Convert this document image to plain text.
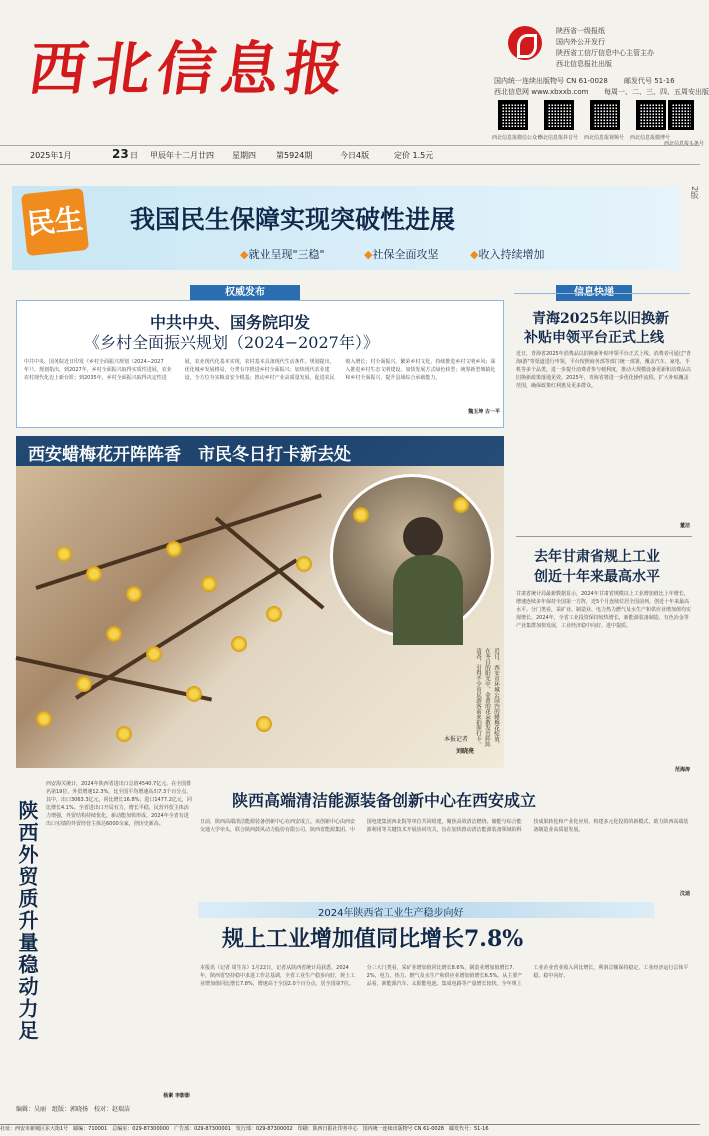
西北信息报
陕西省一级报纸
国内外公开发行
陕西省工信厅信息中心主管主办
西北信息报社出版
国内统一连续出版物号 CN 61-0028 邮发代号 51-16
西北信息网 www.xbxxb.com 每周一、二、三、四、五周安出版
西北信息报微信公众号
西北信息报抖音号 西北信息报视频号 西北信息报微博号
西北信息报头条号
2025年1月	23 日 甲辰年十二月廿四 星期四	第5924期	今日4版	定价 1.5元
民生 我国民生保障实现突破性进展
◆就业呈现"三稳"	◆社保全面攻坚	◆收入持续增加
2版
权威发布
中共中央、国务院印发
《乡村全面振兴规划（2024−2027年）》
中共中央、国务院近日印发《乡村全面振兴规划（2024−2027年）》。规划指出，到2027年，乡村全面振兴取得实质性进展，农业农村现代化迈上新台阶；到2035年，乡村全面振兴取得决定性进展，农业现代化基本实现，农村基本具备现代生活条件。规划提出，优化城乡发展格局，分类有序推进乡村全面振兴；加快现代农业建设，全方位夯实粮食安全根基；推动乡村产业高质量发展，促进农民收入增长；村全面振兴，繁荣乡村文化，持续推进乡村文明乡风；深入推进乡村生态文明建设，加快发展方式绿色转型；统筹新型城镇化和乡村全面振兴，提升县域综合承载能力。
魏玉坤 古一平
青海2025年以旧换新
补贴申领平台正式上线
近日，青海省2025年消费品以旧换新补贴申领平台正式上线。消费者可通过"青海i游"等渠道进行申领，平台按照商务部等部门统一部署，覆盖汽车、家电、手机等多个品类，进一步提升消费者参与便利度，推动大规模设备更新和消费品以旧换新政策落地见效。2025年，青海省将进一步优化操作流程，扩大补贴覆盖范围，确保政策红利惠及更多群众。
董洁
去年甘肃省规上工业
创近十年来最高水平
甘肃省统计局最新数据显示，2024年甘肃省规模以上工业增加值比上年增长，增速连续多年保持全国第一方阵，近5个月连续位居全国前列，创近十年来最高水平。分门类看，采矿业、制造业、电力热力燃气及水生产和供应业增加值均实现增长。2024年，全省工业投资保持较快增长，新能源装备制造、有色冶金等产业集群加快发展，工业经济稳中向好、进中提质。
范海涛
西安蜡梅花开阵阵香　市民冬日打卡新去处
近日，西安市环城公园内的蜡梅花绽放，在冬日的阳光中，金黄的花朵散发出阵阵清香，引得不少市民游客前来拍照打卡。
本报记者
刘晓亮
陕西外贸质升量稳动力足
西安海关统计，2024年陕西省进出口总值4540.7亿元，在全国排名第19位，外贸增速12.3%，比全国平均增速高出7.3个百分点。其中，出口3063.3亿元，同比增长16.8%；进口1477.2亿元，同比增长4.1%。全省进出口开局有力，增长平稳，民营外贸主体活力增强，外贸结构持续优化，新动能加快形成。2024年全省有进出口实绩的外贸经营主体达6000余家，创历史新高。
杨素 李影影
编辑：吴丽　组版：郭晓扬　校对：赵瑞洁
陕西高端清洁能源装备创新中心在西安成立
日前，陕西高端清洁能源装备创新中心在西安成立。该创新中心由西安交通大学牵头，联合陕西鼓风动力股份有限公司、陕西省能源集团、中国电建集团西北院等单位共同组建，聚焦高效清洁燃烧、储能与综合能源利用等关键技术开展协同攻关，旨在加快推动清洁能源装备领域的科技成果转化和产业化应用，构建多元化投资的新模式，助力陕西高端装备制造业高质量发展。
汶迪
2024年陕西省工业生产稳步向好
规上工业增加值同比增长7.8%
本报讯（记者 周生东）1月22日，记者从陕西省统计局获悉，2024年，陕西省坚持稳中求进工作总基调，全省工业生产稳步向好，规上工业增加值同比增长7.8%，增速高于全国2.0个百分点，居全国第7位。分三大门类看，采矿业增加值同比增长8.6%，制造业增加值增长7.2%，电力、热力、燃气及水生产和供应业增加值增长6.5%。从主要产品看，新能源汽车、太阳能电池、集成电路等产量增长较快。全年规上工业企业营业收入同比增长，利润总额保持稳定，工业经济运行总体平稳、稳中向好。
社址：西安市新城区东大街1号　邮编：710001　总编室：029-87300000　广告部：029-87300001　发行部：029-87300002　印刷：陕西日报社印务中心　国内统一连续出版物号 CN 61-0028　邮发代号：51-16
